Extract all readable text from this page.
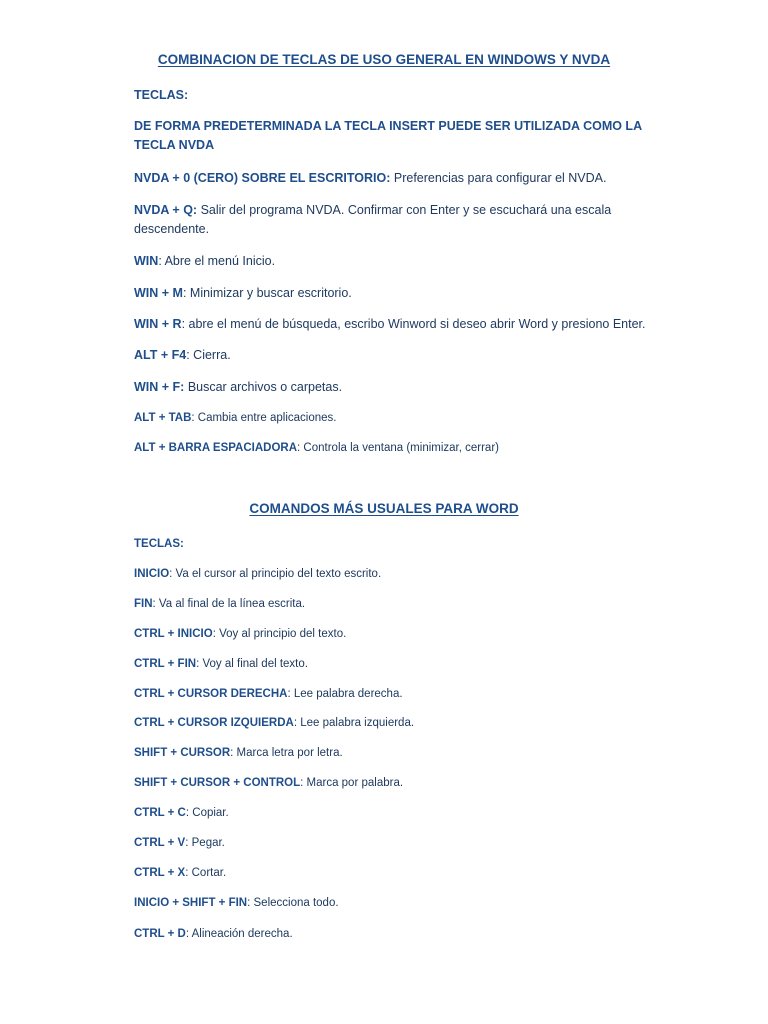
COMBINACION DE TECLAS DE USO GENERAL EN WINDOWS Y NVDA
TECLAS:
DE FORMA PREDETERMINADA LA TECLA INSERT PUEDE SER UTILIZADA COMO LA TECLA NVDA
NVDA + 0 (CERO) SOBRE EL ESCRITORIO: Preferencias para configurar el NVDA.
NVDA + Q: Salir del programa NVDA. Confirmar con Enter y se escuchará una escala descendente.
WIN: Abre el menú Inicio.
WIN + M: Minimizar y buscar escritorio.
WIN + R: abre el menú de búsqueda, escribo Winword si deseo abrir Word y presiono Enter.
ALT + F4: Cierra.
WIN + F: Buscar archivos o carpetas.
ALT + TAB: Cambia entre aplicaciones.
ALT + BARRA ESPACIADORA: Controla la ventana (minimizar, cerrar)
COMANDOS MÁS USUALES PARA WORD
TECLAS:
INICIO: Va el cursor al principio del texto escrito.
FIN: Va al final de la línea escrita.
CTRL + INICIO: Voy al principio del texto.
CTRL + FIN: Voy al final del texto.
CTRL + CURSOR DERECHA: Lee palabra derecha.
CTRL + CURSOR IZQUIERDA: Lee palabra izquierda.
SHIFT + CURSOR: Marca letra por letra.
SHIFT + CURSOR + CONTROL: Marca por palabra.
CTRL + C: Copiar.
CTRL + V: Pegar.
CTRL + X: Cortar.
INICIO + SHIFT + FIN: Selecciona todo.
CTRL + D: Alineación derecha.
